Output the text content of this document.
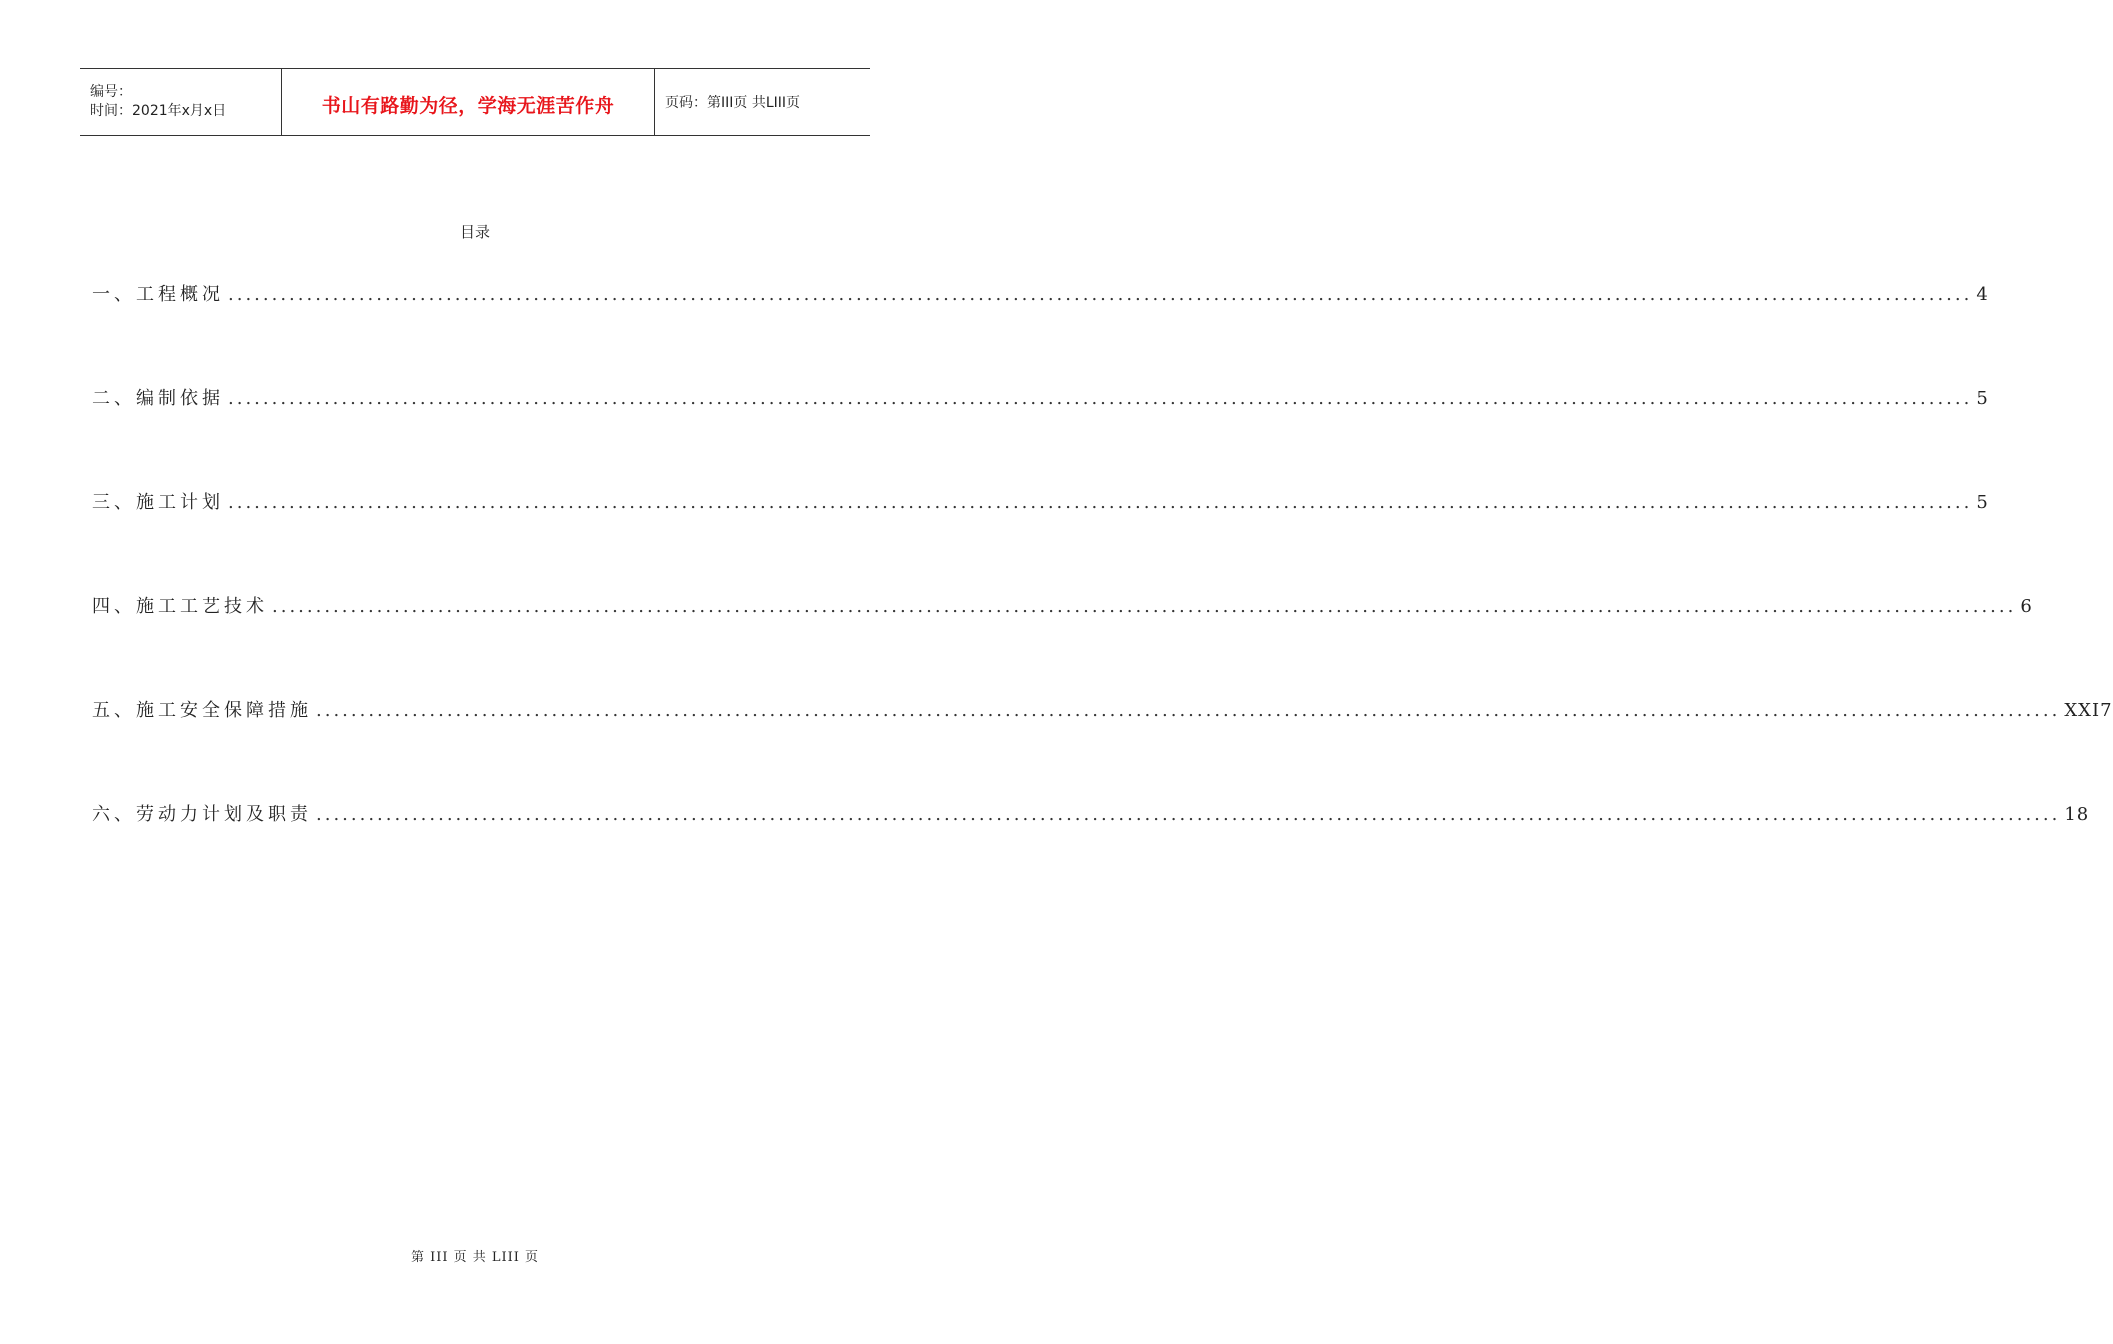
编号：
时间：2021年x月x日	书山有路勤为径，学海无涯苦作舟	页码：第III页 共LIII页
目录
一、工程概况 ........................................................................................................................................................................................................ 4
二、编制依据 ........................................................................................................................................................................................................ 5
三、施工计划 ........................................................................................................................................................................................................ 5
四、施工工艺技术 ........................................................................................................................................................................................................ 6
五、施工安全保障措施 ........................................................................................................................................................................................................ XXI7
六、劳动力计划及职责 ........................................................................................................................................................................................................ 18
第 III 页 共 LIII 页
